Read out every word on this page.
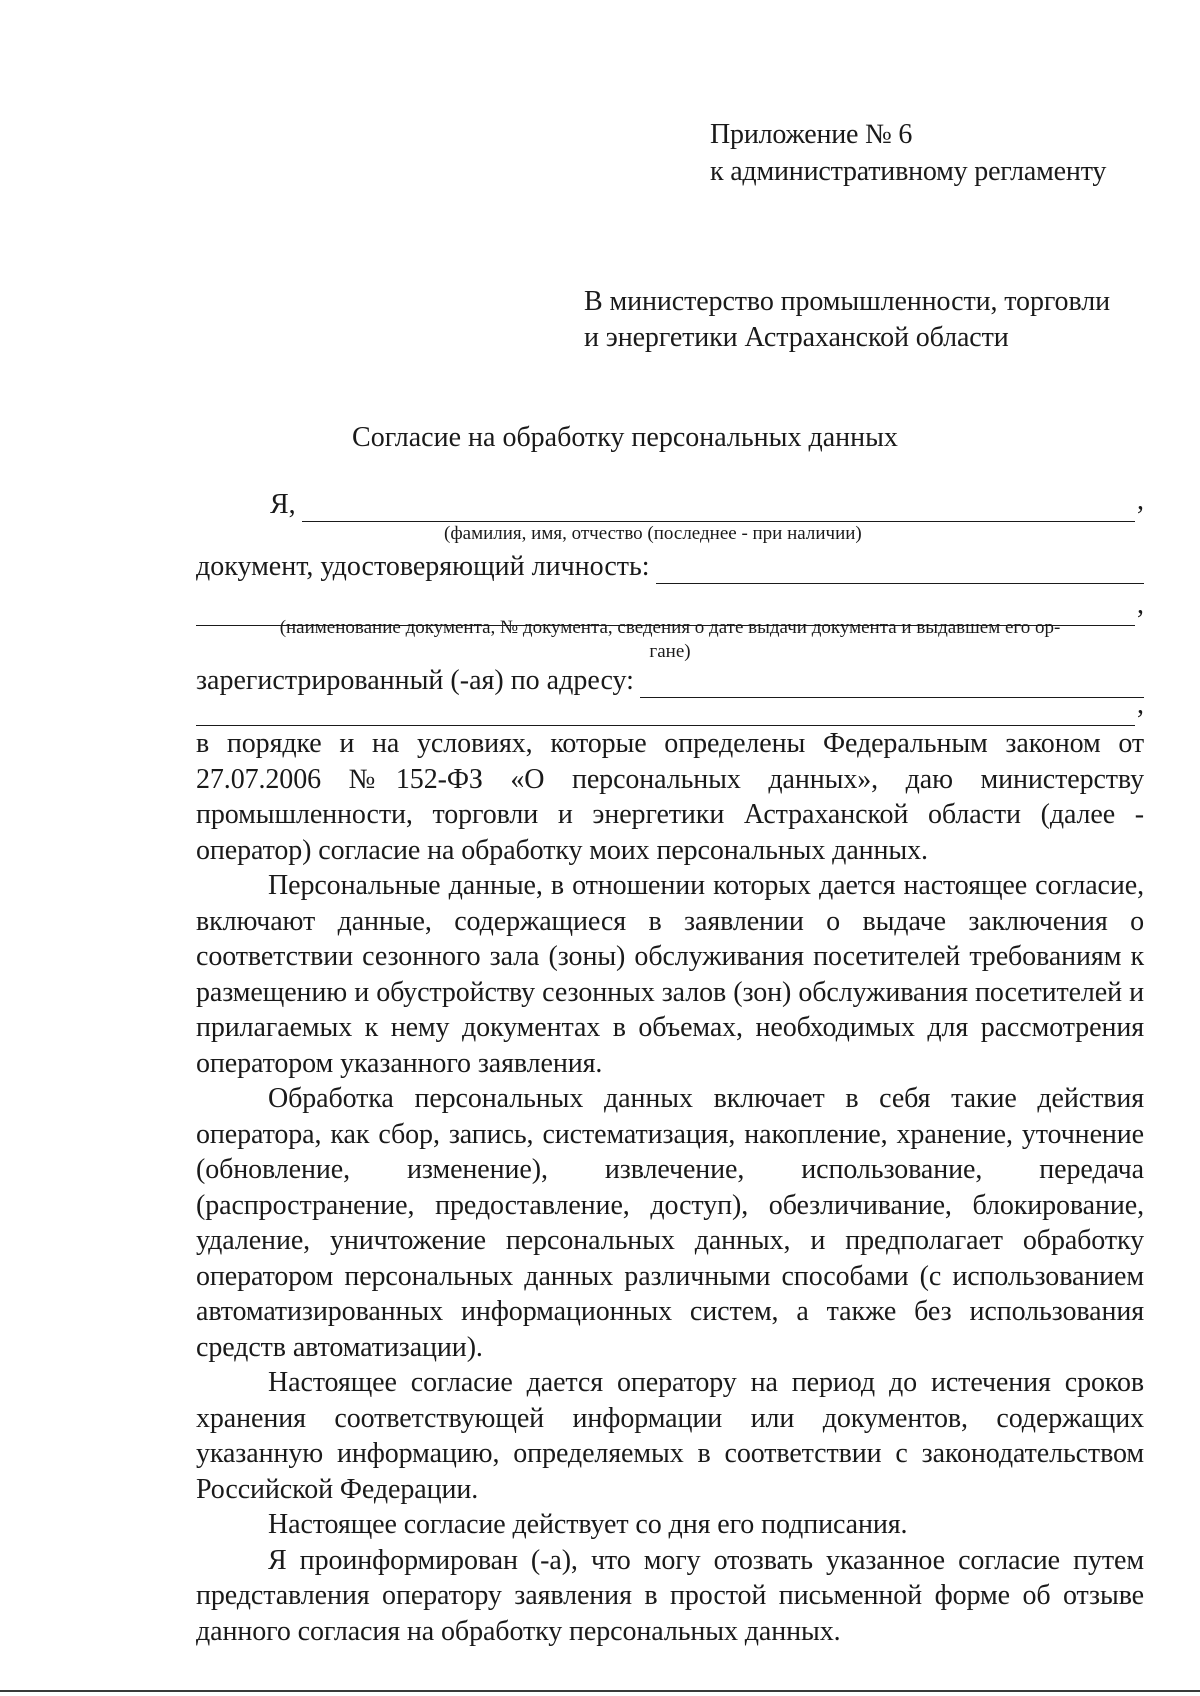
Приложение № 6
к административному регламенту
В министерство промышленности, торговли
и энергетики Астраханской области
Согласие на обработку персональных данных
Я,	,
(фамилия, имя, отчество (последнее - при наличии)
документ, удостоверяющий личность:
,
(наименование документа, № документа, сведения о дате выдачи документа и выдавшем его ор-
гане)
зарегистрированный (-ая) по адресу:
,

в порядке и на условиях, которые определены Федеральным законом от 27.07.2006 №152-ФЗ «О персональных данных», даю министерству промышленности, торговли и энергетики Астраханской области (далее - оператор) согласие на обработку моих персональных данных.

Персональные данные, в отношении которых дается настоящее согласие, включают данные, содержащиеся в заявлении о выдаче заключения о соответствии сезонного зала (зоны) обслуживания посетителей требованиям к размещению и обустройству сезонных залов (зон) обслуживания посетителей и прилагаемых к нему документах в объемах, необходимых для рассмотрения оператором указанного заявления.

Обработка персональных данных включает в себя такие действия оператора, как сбор, запись, систематизация, накопление, хранение, уточнение (обновление, изменение), извлечение, использование, передача (распространение, предоставление, доступ), обезличивание, блокирование, удаление, уничтожение персональных данных, и предполагает обработку оператором персональных данных различными способами (с использованием автоматизированных информационных систем, а также без использования средств автоматизации).

Настоящее согласие дается оператору на период до истечения сроков хранения соответствующей информации или документов, содержащих указанную информацию, определяемых в соответствии с законодательством Российской Федерации.

Настоящее согласие действует со дня его подписания.

Я проинформирован (-а), что могу отозвать указанное согласие путем представления оператору заявления в простой письменной форме об отзыве данного согласия на обработку персональных данных.
